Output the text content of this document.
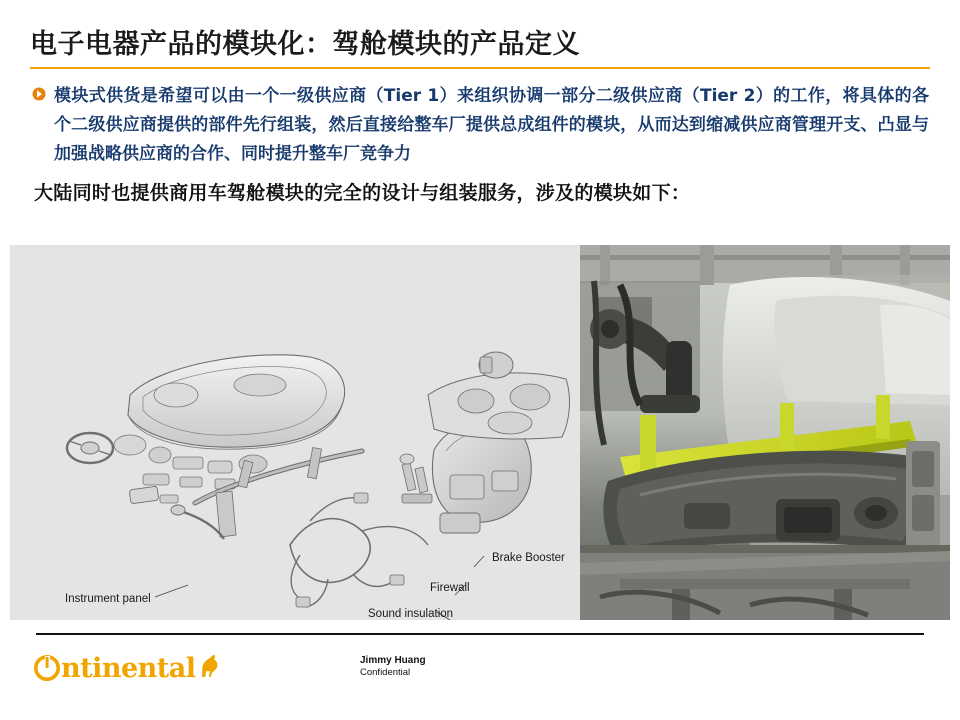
电子电器产品的模块化：驾舱模块的产品定义
模块式供货是希望可以由一个一级供应商（Tier 1）来组织协调一部分二级供应商（Tier 2）的工作，将具体的各个二级供应商提供的部件先行组装，然后直接给整车厂提供总成组件的模块，从而达到缩减供应商管理开支、凸显与加强战略供应商的合作、同时提升整车厂竞争力
大陆同时也提供商用车驾舱模块的完全的设计与组装服务，涉及的模块如下：
Brake Booster
Firewall
Instrument panel
Sound insulation
ntinental	Jimmy Huang
Confidential
